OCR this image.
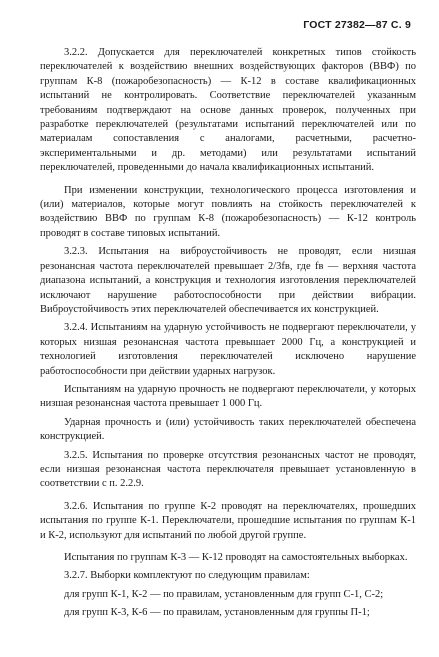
ГОСТ 27382—87 С. 9

3.2.2. Допускается для переключателей конкретных типов стойкость переключателей к воздействию внешних воздействующих факторов (ВВФ) по группам К-8 (пожаробезопасность) — К-12 в составе квалификационных испытаний не контролировать. Соответствие переключателей указанным требованиям подтверждают на основе данных проверок, полученных при разработке переключателей (результатами испытаний переключателей или по материалам сопоставления с аналогами, расчетными, расчетно-экспериментальными и др. методами) или результатами испытаний переключателей, проведенными до начала квалификационных испытаний.

При изменении конструкции, технологического процесса изготовления и (или) материалов, которые могут повлиять на стойкость переключателей к воздействию ВВФ по группам К-8 (пожаробезопасность) — К-12 контроль проводят в составе типовых испытаний.

3.2.3. Испытания на виброустойчивость не проводят, если низшая резонансная частота переключателей превышает 2/3fв, где fв — верхняя частота диапазона испытаний, а конструкция и технология изготовления переключателей исключают нарушение работоспособности при действии вибрации. Виброустойчивость этих переключателей обеспечивается их конструкцией.

3.2.4. Испытаниям на ударную устойчивость не подвергают переключатели, у которых низшая резонансная частота превышает 2000 Гц, а конструкцией и технологией изготовления переключателей исключено нарушение работоспособности при действии ударных нагрузок.

Испытаниям на ударную прочность не подвергают переключатели, у которых низшая резонансная частота превышает 1 000 Гц.

Ударная прочность и (или) устойчивость таких переключателей обеспечена конструкцией.

3.2.5. Испытания по проверке отсутствия резонансных частот не проводят, если низшая резонансная частота переключателя превышает установленную в соответствии с п. 2.2.9.

3.2.6. Испытания по группе К-2 проводят на переключателях, прошедших испытания по группе К-1. Переключатели, прошедшие испытания по группам К-1 и К-2, используют для испытаний по любой другой группе.

Испытания по группам К-3 — К-12 проводят на самостоятельных выборках.

3.2.7. Выборки комплектуют по следующим правилам:

для групп К-1, К-2 — по правилам, установленным для групп С-1, С-2;

для групп К-3, К-6 — по правилам, установленным для группы П-1;
